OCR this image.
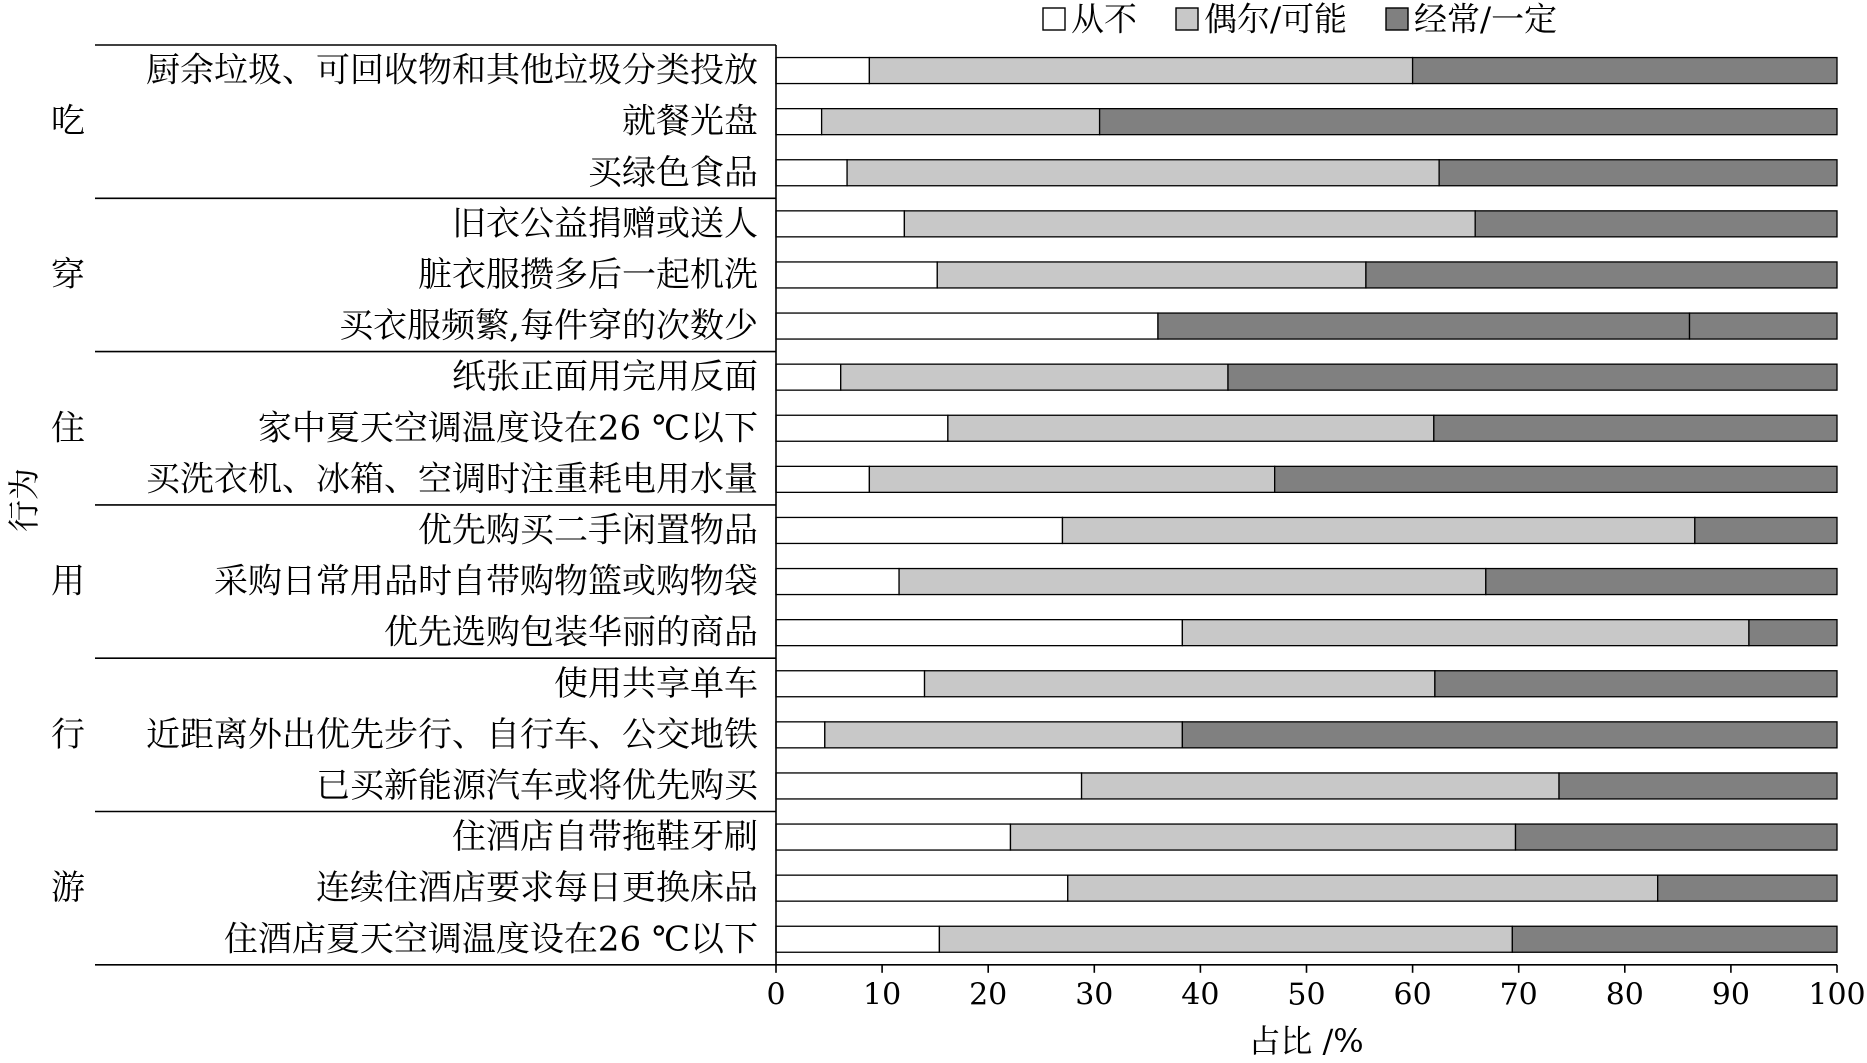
从不 偶尔/可能 经常/一定
吃
厨余垃圾、可回收物和其他垃圾分类投放
就餐光盘
买绿色食品
穿
旧衣公益捐赠或送人
脏衣服攒多后一起机洗
买衣服频繁,每件穿的次数少
住
纸张正面用完用反面
家中夏天空调温度设在26 ℃以下
买洗衣机、冰箱、空调时注重耗电用水量
用
优先购买二手闲置物品
采购日常用品时自带购物篮或购物袋
优先选购包装华丽的商品
行
使用共享单车
近距离外出优先步行、自行车、公交地铁
已买新能源汽车或将优先购买
游
住酒店自带拖鞋牙刷
连续住酒店要求每日更换床品
住酒店夏天空调温度设在26 ℃以下
0	10 20 30 40 50 60 70 80 90 100
占比 /%
行为
